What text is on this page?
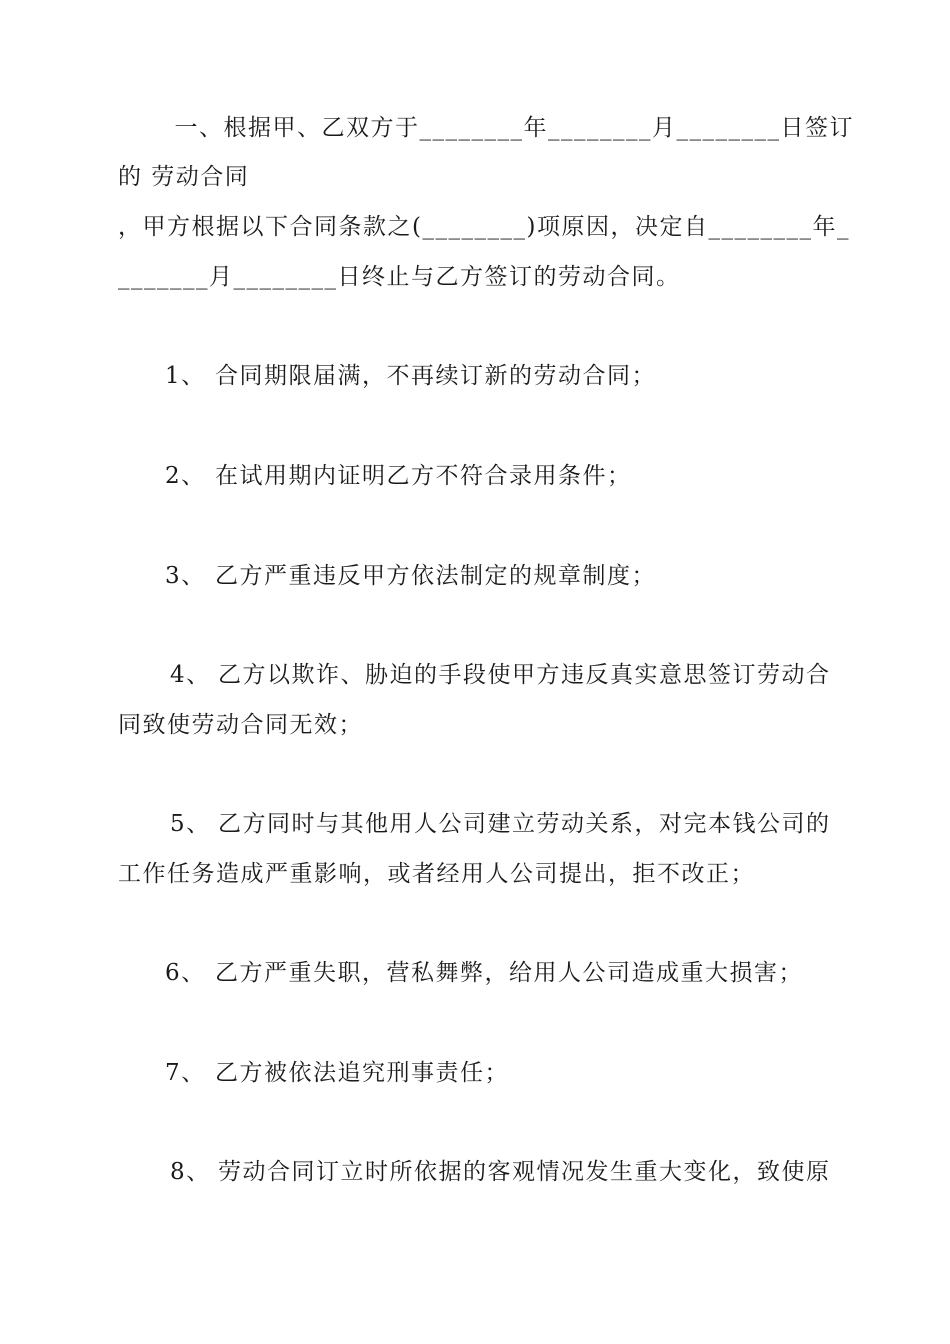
　一、根据甲、乙双方于________年________月________日签订
的 劳动合同
，甲方根据以下合同条款之(________)项原因，决定自________年_
_______月________日终止与乙方签订的劳动合同。
1、 合同期限届满，不再续订新的劳动合同；
2、 在试用期内证明乙方不符合录用条件；
3、 乙方严重违反甲方依法制定的规章制度；
4、 乙方以欺诈、胁迫的手段使甲方违反真实意思签订劳动合
同致使劳动合同无效；
5、 乙方同时与其他用人公司建立劳动关系，对完本钱公司的
工作任务造成严重影响，或者经用人公司提出，拒不改正；
6、 乙方严重失职，营私舞弊，给用人公司造成重大损害；
7、 乙方被依法追究刑事责任；
8、 劳动合同订立时所依据的客观情况发生重大变化，致使原
